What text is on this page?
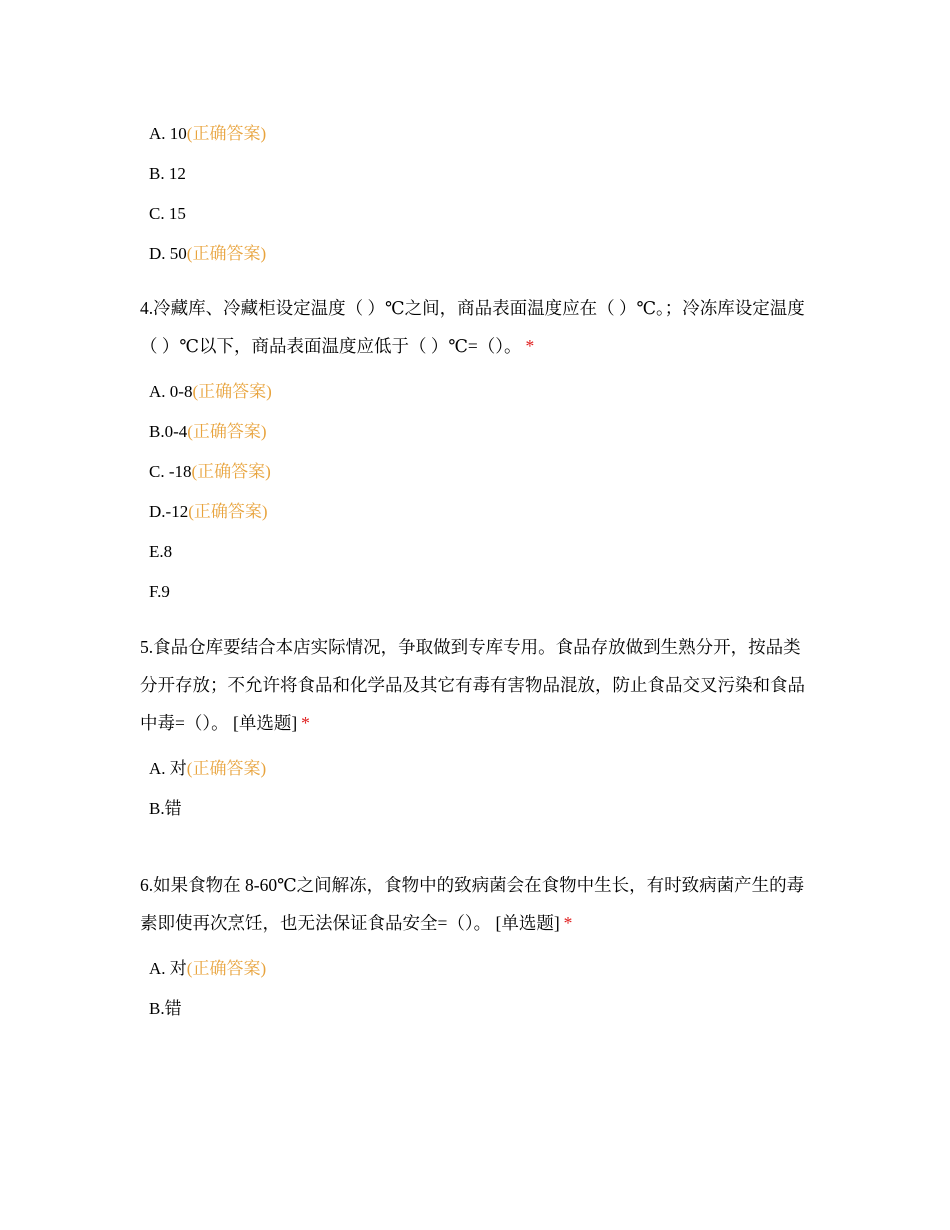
A. 10(正确答案)
B. 12
C. 15
D. 50(正确答案)

4.冷藏库、冷藏柜设定温度（ ）℃之间，商品表面温度应在（ ）℃。；冷冻库设定温度（ ）℃以下，商品表面温度应低于（ ）℃=（）。 *

A. 0-8(正确答案)
B.0-4(正确答案)
C. -18(正确答案)
D.-12(正确答案)
E.8
F.9

5.食品仓库要结合本店实际情况，争取做到专库专用。食品存放做到生熟分开，按品类分开存放；不允许将食品和化学品及其它有毒有害物品混放，防止食品交叉污染和食品中毒=（）。 [单选题] *

A. 对(正确答案)
B.错

6.如果食物在 8-60℃之间解冻，食物中的致病菌会在食物中生长，有时致病菌产生的毒素即使再次烹饪，也无法保证食品安全=（）。 [单选题] *

A. 对(正确答案)
B.错
